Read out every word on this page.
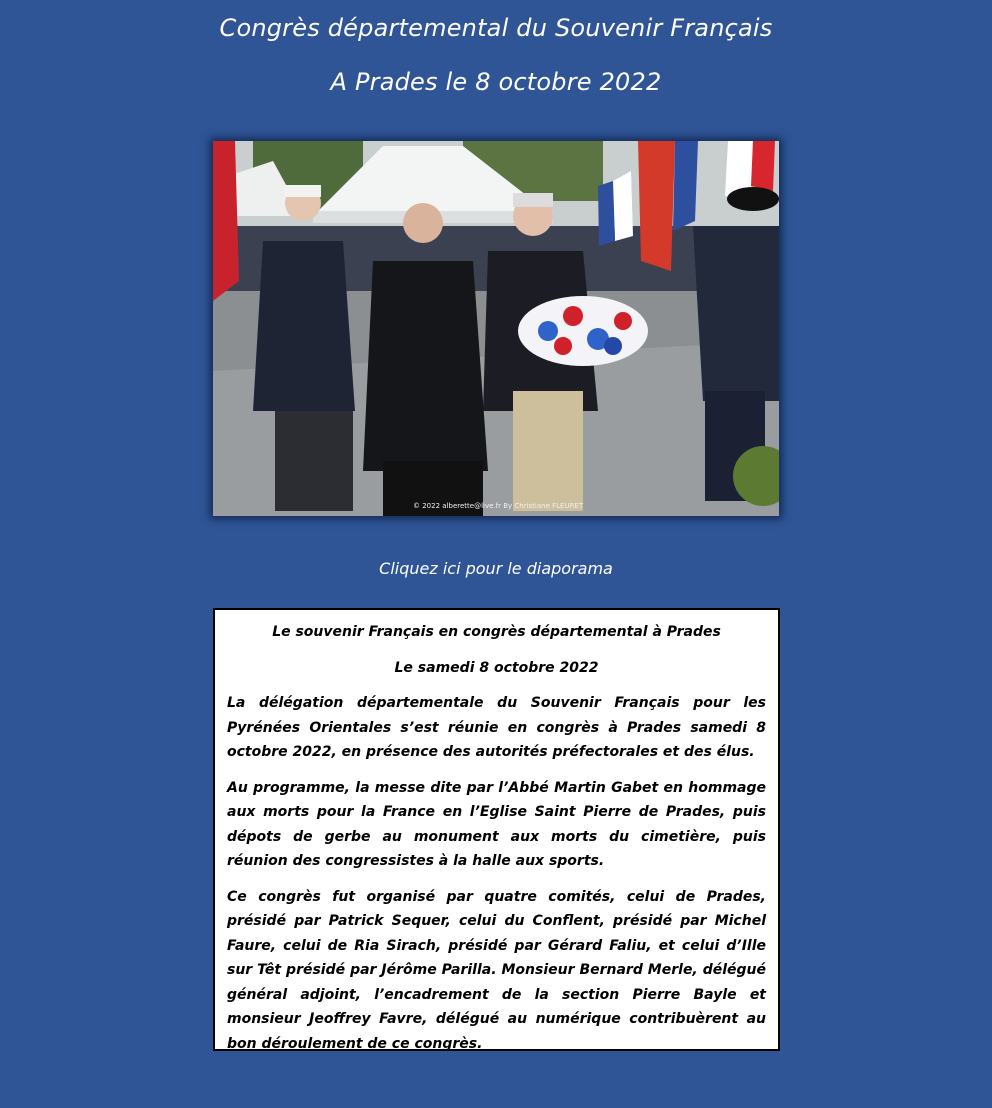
Congrès départemental du Souvenir Français
A Prades le 8 octobre 2022
© 2022 alberette@live.fr By Christiane FLEURET
Cliquez ici pour le diaporama

Le souvenir Français en congrès départemental à Prades

Le samedi 8 octobre 2022

La délégation départementale du Souvenir Français pour les Pyrénées Orientales s’est réunie en congrès à Prades samedi 8 octobre 2022, en présence des autorités préfectorales et des élus.

Au programme, la messe dite par l’Abbé Martin Gabet en hommage aux morts pour la France en l’Eglise Saint Pierre de Prades, puis dépots de gerbe au monument aux morts du cimetière, puis réunion des congressistes à la halle aux sports.

Ce congrès fut organisé par quatre comités, celui de Prades, présidé par Patrick Sequer, celui du Conflent, présidé par Michel Faure, celui de Ria Sirach, présidé par Gérard Faliu, et celui d’Ille sur Têt présidé par Jérôme Parilla. Monsieur Bernard Merle, délégué général adjoint, l’encadrement de la section Pierre Bayle et monsieur Jeoffrey Favre, délégué au numérique contribuèrent au bon déroulement de ce congrès.
